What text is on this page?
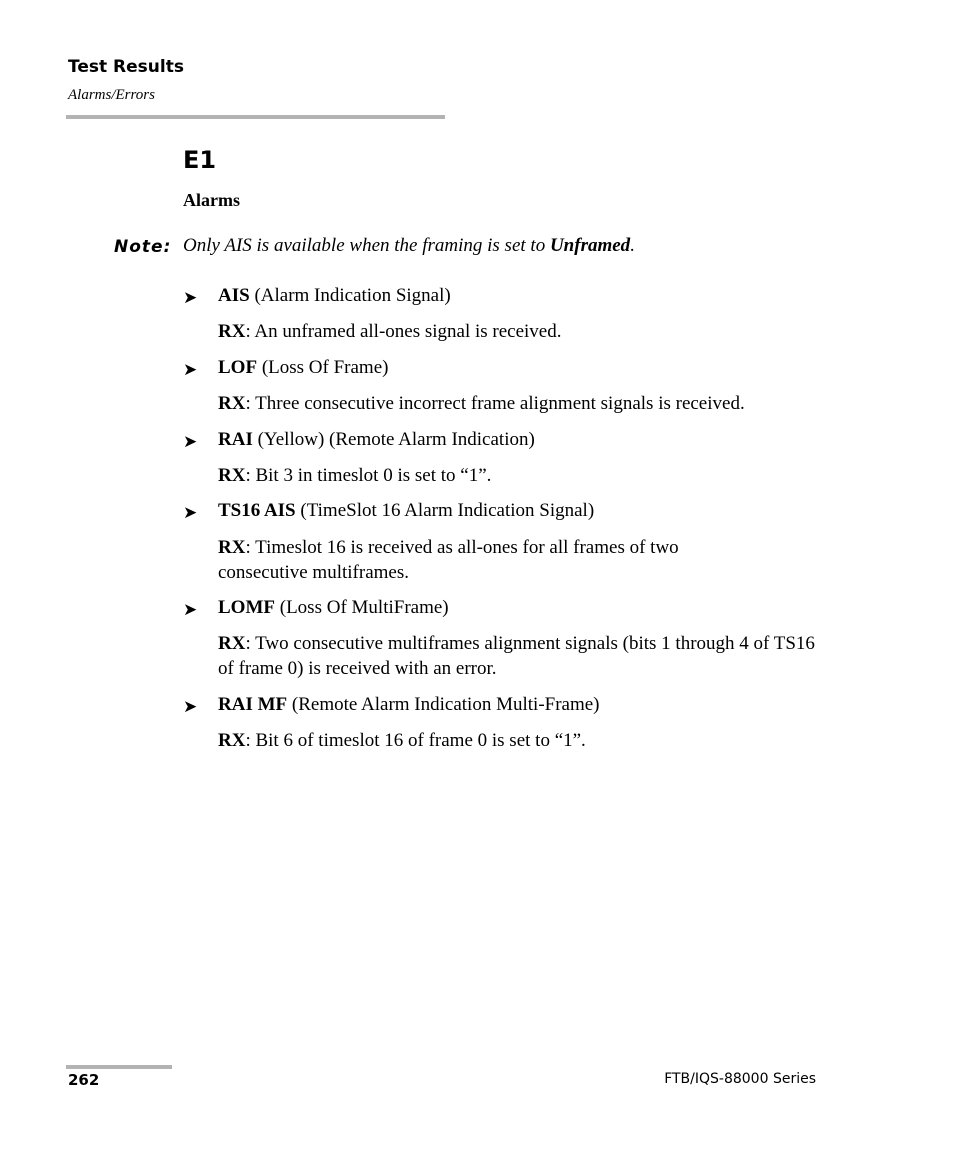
Test Results
Alarms/Errors
E1
Alarms
Note: Only AIS is available when the framing is set to Unframed.
➤ AIS (Alarm Indication Signal)
RX: An unframed all-ones signal is received.
➤ LOF (Loss Of Frame)
RX: Three consecutive incorrect frame alignment signals is received.
➤ RAI (Yellow) (Remote Alarm Indication)
RX: Bit 3 in timeslot 0 is set to “1”.
➤ TS16 AIS (TimeSlot 16 Alarm Indication Signal)
RX: Timeslot 16 is received as all-ones for all frames of two consecutive multiframes.
➤ LOMF (Loss Of MultiFrame)
RX: Two consecutive multiframes alignment signals (bits 1 through 4 of TS16 of frame 0) is received with an error.
➤ RAI MF (Remote Alarm Indication Multi-Frame)
RX: Bit 6 of timeslot 16 of frame 0 is set to “1”.
262	FTB/IQS-88000 Series
